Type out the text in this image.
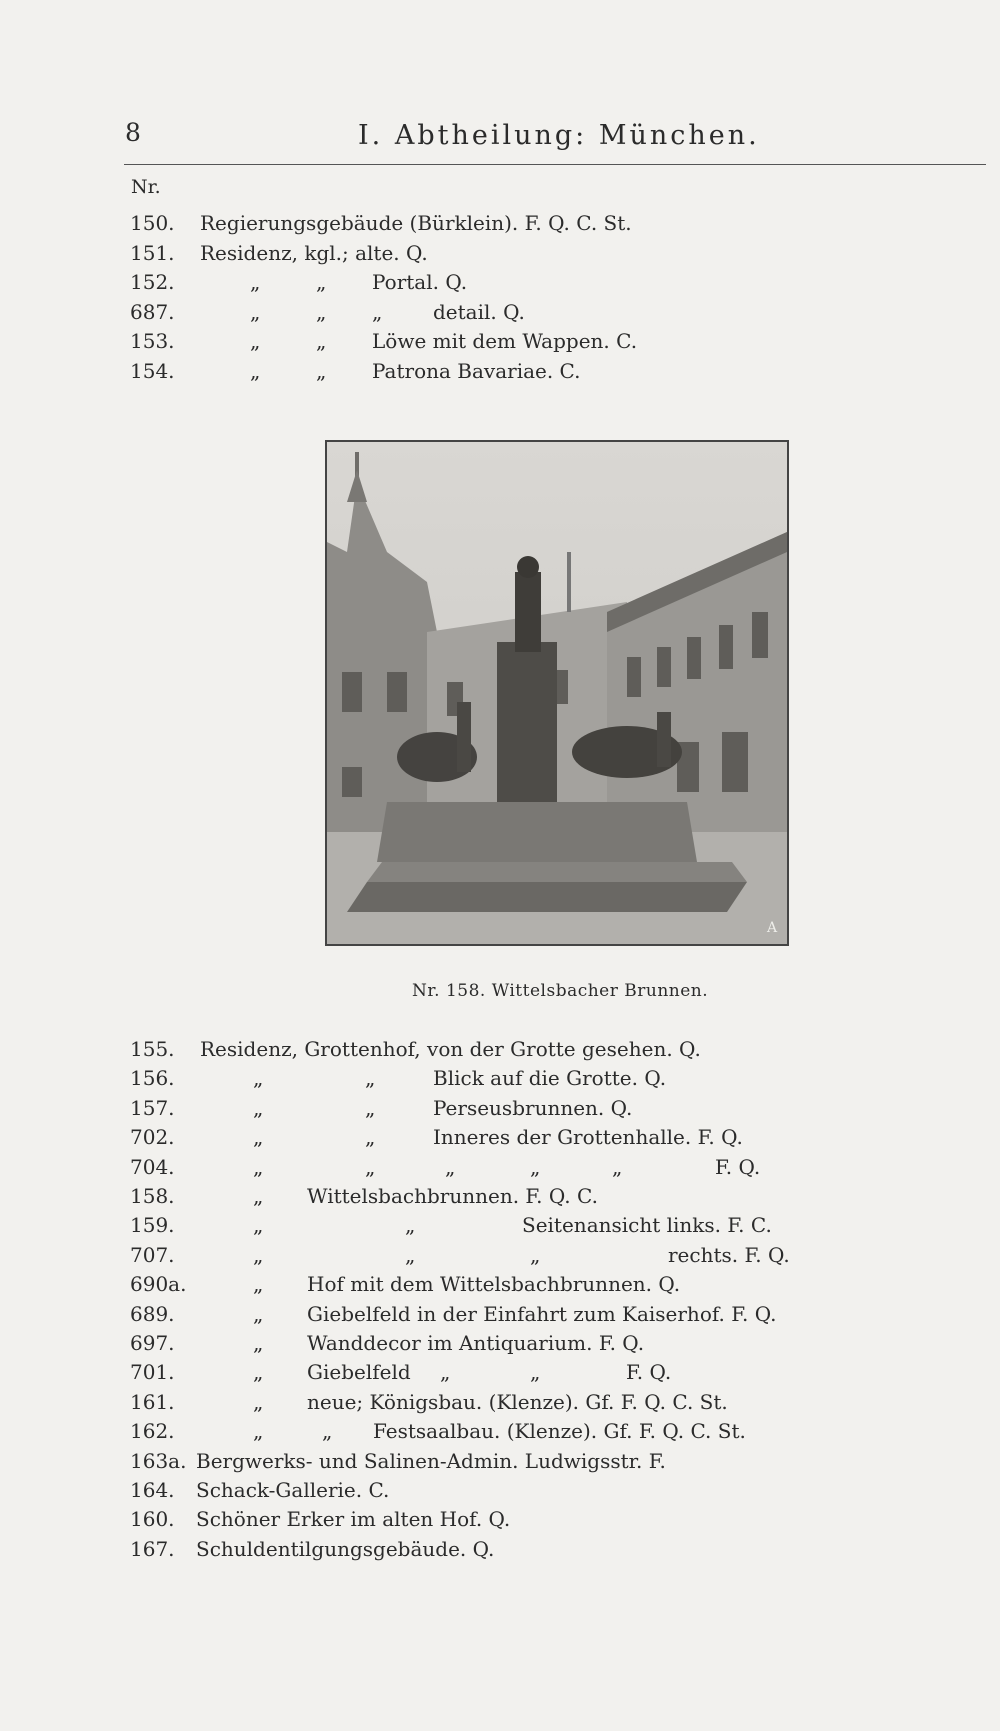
8	I. Abtheilung: München.
Nr.
150. Regierungsgebäude (Bürklein). F. Q. C. St.
151. Residenz, kgl.; alte. Q.
152.	„	„ Portal. Q.
687.	„	„ „	detail. Q.
153.	„	„ Löwe mit dem Wappen. C.
154.	„	„ Patrona Bavariae. C.
155. Residenz, Grottenhof, von der Grotte gesehen. Q.
156.	„	„	Blick auf die Grotte. Q.
157.	„	„	Perseusbrunnen. Q.
702.	„	„	Inneres der Grottenhalle. F. Q.
704.	„	„	„	„	„	F. Q.
158.	„ Wittelsbachbrunnen. F. Q. C.
159.	„	„	Seitenansicht links. F. C.
707.	„	„	„	rechts. F. Q.
690a.	„ Hof mit dem Wittelsbachbrunnen. Q.
689.	„ Giebelfeld in der Einfahrt zum Kaiserhof. F. Q.
697.	„ Wanddecor im Antiquarium. F. Q.
701.	„ Giebelfeld „	„	F. Q.
161.	„ neue; Königsbau. (Klenze). Gf. F. Q. C. St.
162.	„	„ Festsaalbau. (Klenze). Gf. F. Q. C. St.
163a. Bergwerks- und Salinen-Admin. Ludwigsstr. F.
164. Schack-Gallerie. C.
160. Schöner Erker im alten Hof. Q.
167. Schuldentilgungsgebäude. Q.
A
Nr. 158. Wittelsbacher Brunnen.
